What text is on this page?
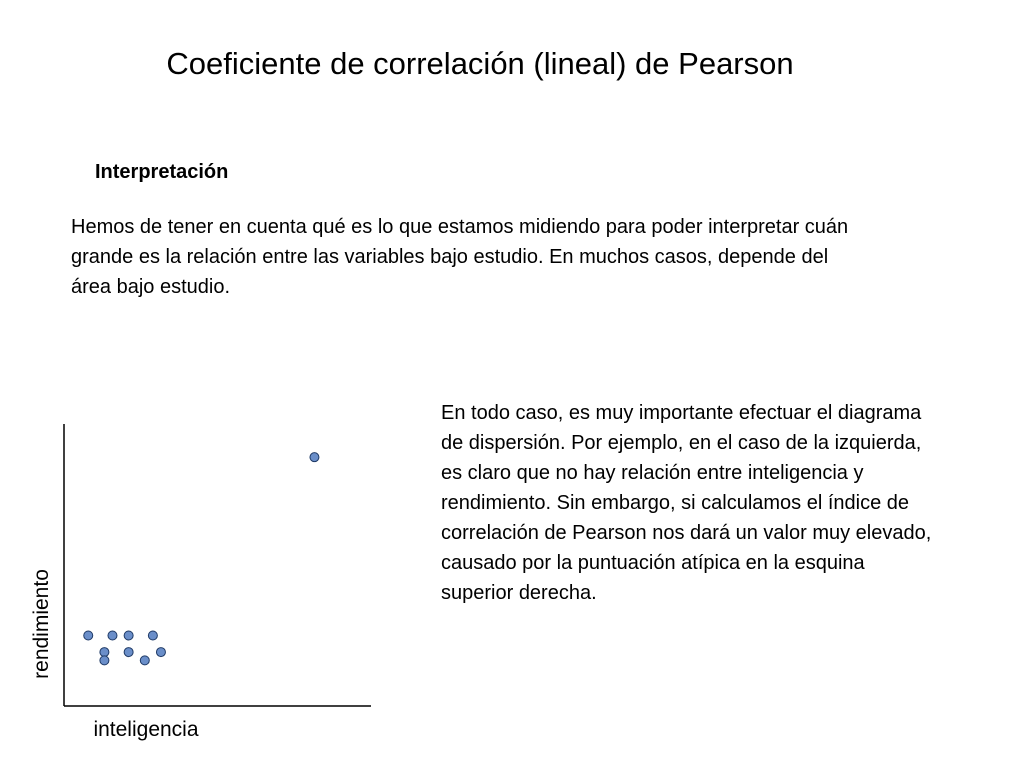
Coeficiente de correlación (lineal) de Pearson
Interpretación

Hemos de tener en cuenta qué es lo que estamos midiendo para poder interpretar cuán grande es la relación entre las variables bajo estudio. En muchos casos, depende del área bajo estudio.

En todo caso, es muy importante efectuar el diagrama de dispersión. Por ejemplo, en el caso de la izquierda, es claro que no hay relación entre inteligencia y rendimiento. Sin embargo, si calculamos el índice de correlación de Pearson nos dará un valor muy elevado, causado por la puntuación atípica en la esquina superior derecha.

inteligencia
rendimiento
